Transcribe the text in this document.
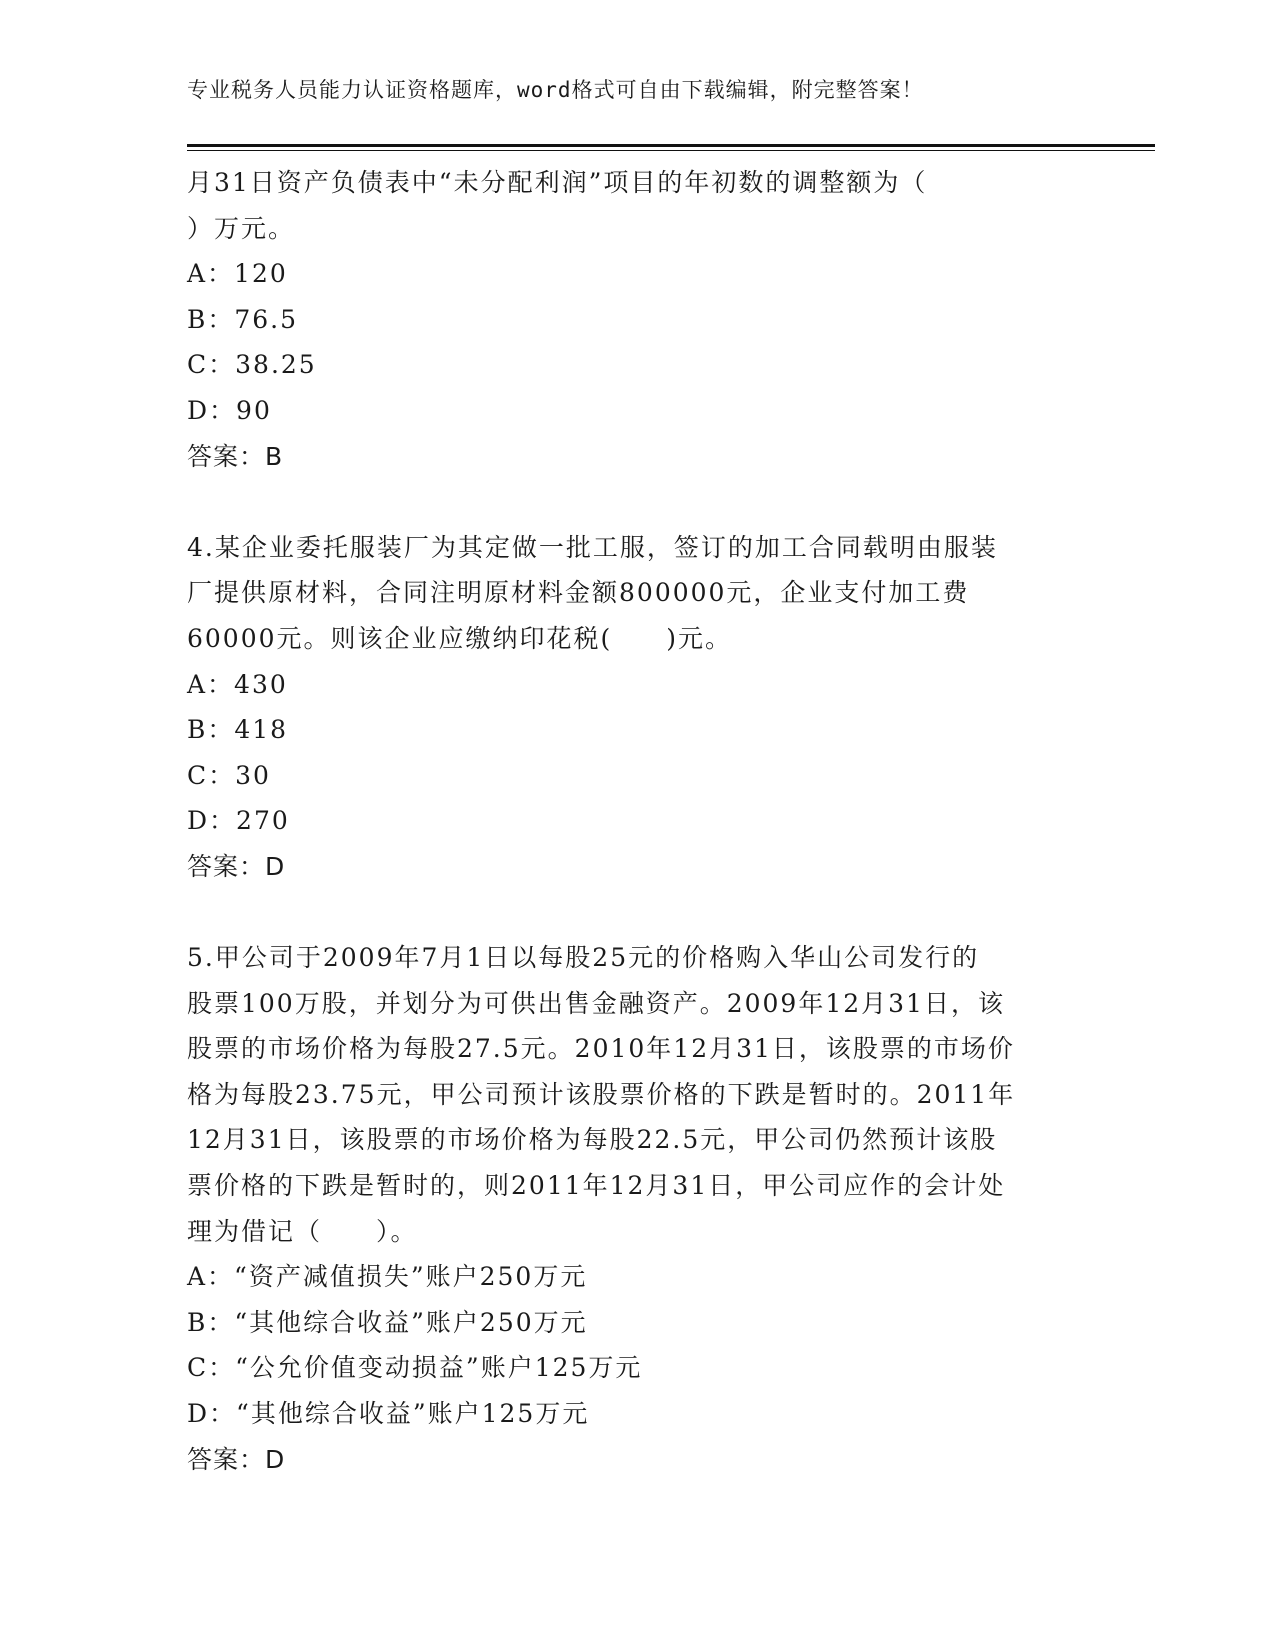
专业税务人员能力认证资格题库，word格式可自由下载编辑，附完整答案！
月31日资产负债表中“未分配利润”项目的年初数的调整额为（
）万元。
A：120
B：76.5
C：38.25
D：90
答案：B
4.某企业委托服装厂为其定做一批工服，签订的加工合同载明由服装
厂提供原材料，合同注明原材料金额800000元，企业支付加工费
60000元。则该企业应缴纳印花税(　　)元。
A：430
B：418
C：30
D：270
答案：D
5.甲公司于2009年7月1日以每股25元的价格购入华山公司发行的
股票100万股，并划分为可供出售金融资产。2009年12月31日，该
股票的市场价格为每股27.5元。2010年12月31日，该股票的市场价
格为每股23.75元，甲公司预计该股票价格的下跌是暂时的。2011年
12月31日，该股票的市场价格为每股22.5元，甲公司仍然预计该股
票价格的下跌是暂时的，则2011年12月31日，甲公司应作的会计处
理为借记（　　）。
A：“资产减值损失”账户250万元
B：“其他综合收益”账户250万元
C：“公允价值变动损益”账户125万元
D：“其他综合收益”账户125万元
答案：D
